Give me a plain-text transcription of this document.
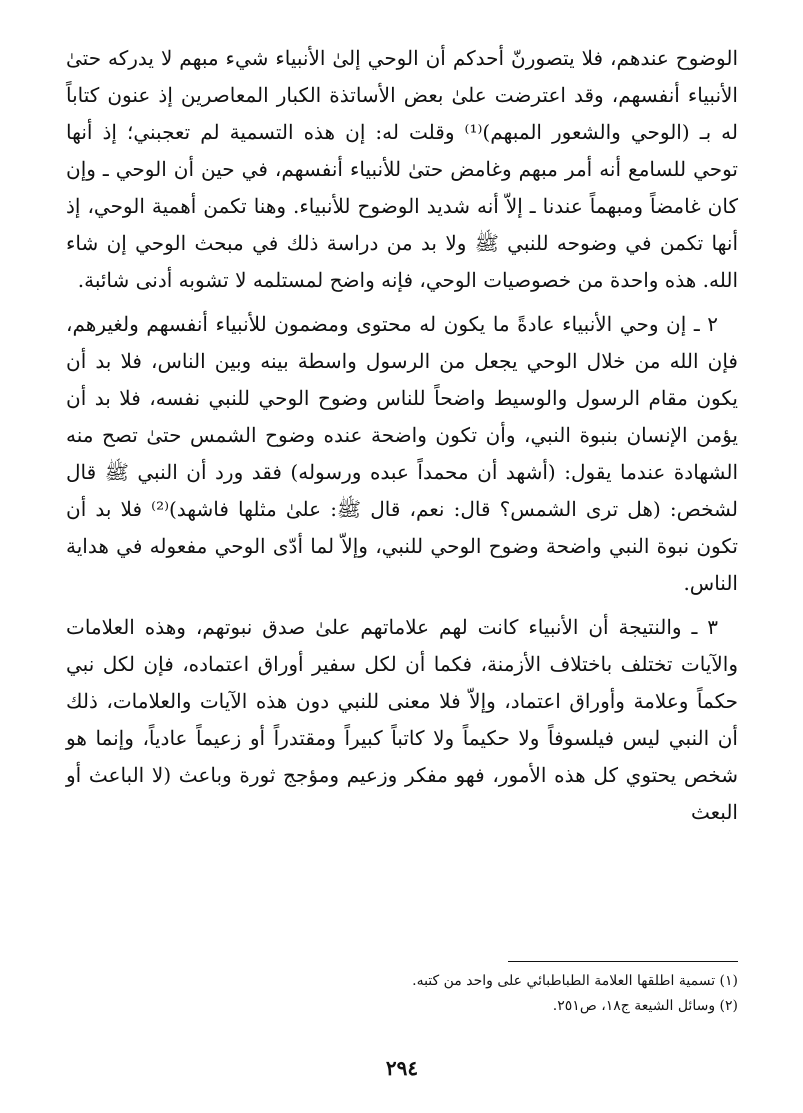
الوضوح عندهم، فلا يتصورنّ أحدكم أن الوحي إلىٰ الأنبياء شيء مبهم لا يدركه حتىٰ الأنبياء أنفسهم، وقد اعترضت علىٰ بعض الأساتذة الكبار المعاصرين إذ عنون كتاباً له بـ (الوحي والشعور المبهم)⁽¹⁾ وقلت له: إن هذه التسمية لم تعجبني؛ إذ أنها توحي للسامع أنه أمر مبهم وغامض حتىٰ للأنبياء أنفسهم، في حين أن الوحي ـ وإن كان غامضاً ومبهماً عندنا ـ إلاّ أنه شديد الوضوح للأنبياء. وهنا تكمن أهمية الوحي، إذ أنها تكمن في وضوحه للنبي ﷺ ولا بد من دراسة ذلك في مبحث الوحي إن شاء الله. هذه واحدة من خصوصيات الوحي، فإنه واضح لمستلمه لا تشوبه أدنى شائبة.

٢ ـ إن وحي الأنبياء عادةً ما يكون له محتوى ومضمون للأنبياء أنفسهم ولغيرهم، فإن الله من خلال الوحي يجعل من الرسول واسطة بينه وبين الناس، فلا بد أن يكون مقام الرسول والوسيط واضحاً للناس وضوح الوحي للنبي نفسه، فلا بد أن يؤمن الإنسان بنبوة النبي، وأن تكون واضحة عنده وضوح الشمس حتىٰ تصح منه الشهادة عندما يقول: (أشهد أن محمداً عبده ورسوله) فقد ورد أن النبي ﷺ قال لشخص: (هل ترى الشمس؟ قال: نعم، قال ﷺ: علىٰ مثلها فاشهد)⁽²⁾ فلا بد أن تكون نبوة النبي واضحة وضوح الوحي للنبي، وإلاّ لما أدّى الوحي مفعوله في هداية الناس.

٣ ـ والنتيجة أن الأنبياء كانت لهم علاماتهم علىٰ صدق نبوتهم، وهذه العلامات والآيات تختلف باختلاف الأزمنة، فكما أن لكل سفير أوراق اعتماده، فإن لكل نبي حكماً وعلامة وأوراق اعتماد، وإلاّ فلا معنى للنبي دون هذه الآيات والعلامات، ذلك أن النبي ليس فيلسوفاً ولا حكيماً ولا كاتباً كبيراً ومقتدراً أو زعيماً عادياً، وإنما هو شخص يحتوي كل هذه الأمور، فهو مفكر وزعيم ومؤجج ثورة وباعث (لا الباعث أو البعث

(١) تسمية اطلقها العلامة الطباطبائي على واحد من كتبه.

(٢) وسائل الشيعة ج١٨، ص٢٥١.

٢٩٤
